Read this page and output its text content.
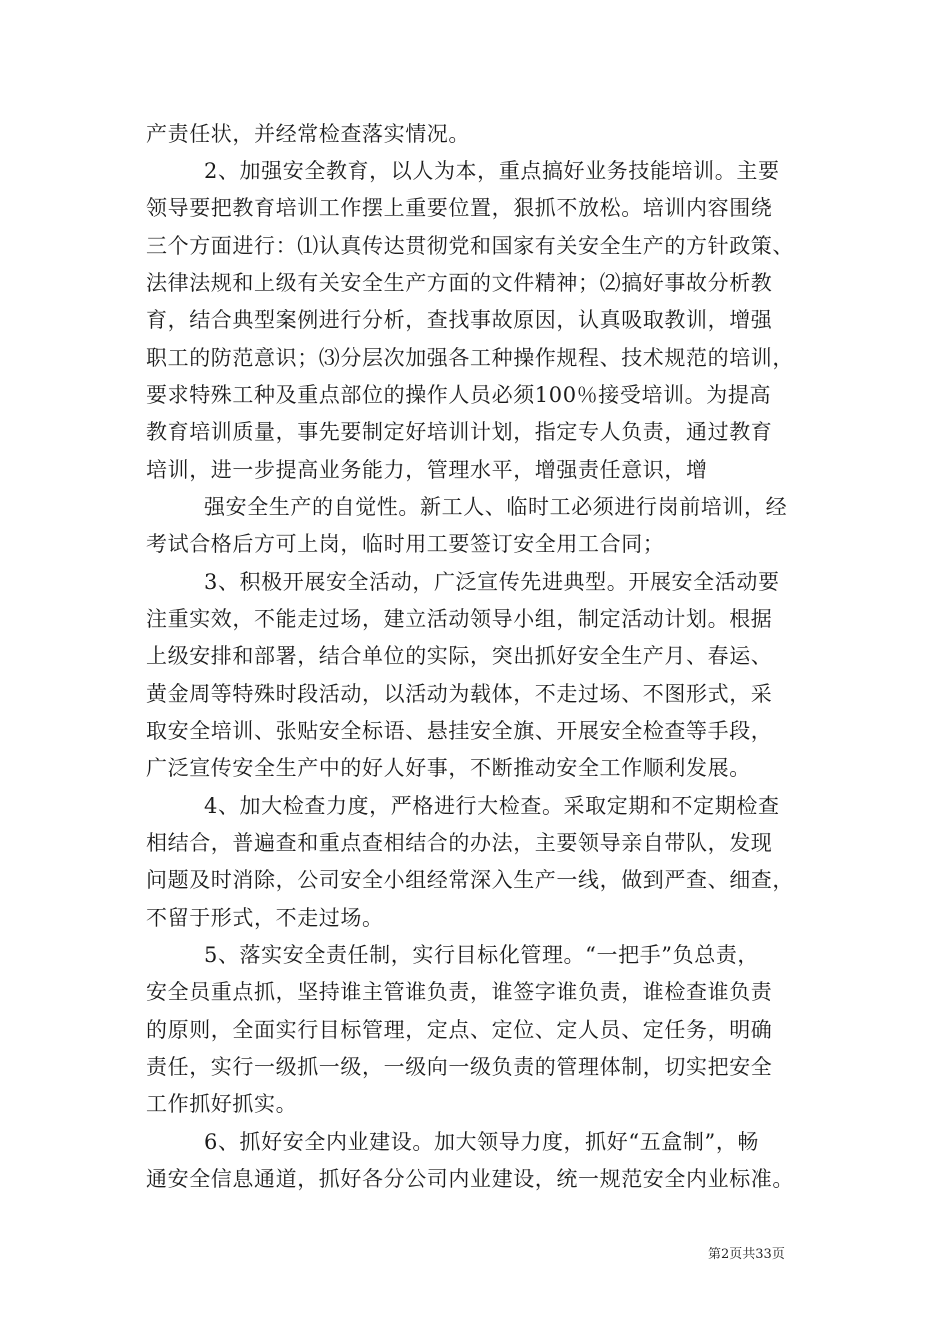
产责任状，并经常检查落实情况。
2、加强安全教育，以人为本，重点搞好业务技能培训。主要
领导要把教育培训工作摆上重要位置，狠抓不放松。培训内容围绕
三个方面进行：⑴认真传达贯彻党和国家有关安全生产的方针政策、
法律法规和上级有关安全生产方面的文件精神；⑵搞好事故分析教
育，结合典型案例进行分析，查找事故原因，认真吸取教训，增强
职工的防范意识；⑶分层次加强各工种操作规程、技术规范的培训，
要求特殊工种及重点部位的操作人员必须100％接受培训。为提高
教育培训质量，事先要制定好培训计划，指定专人负责，通过教育
培训，进一步提高业务能力，管理水平，增强责任意识，增
强安全生产的自觉性。新工人、临时工必须进行岗前培训，经
考试合格后方可上岗，临时用工要签订安全用工合同；
3、积极开展安全活动，广泛宣传先进典型。开展安全活动要
注重实效，不能走过场，建立活动领导小组，制定活动计划。根据
上级安排和部署，结合单位的实际，突出抓好安全生产月、春运、
黄金周等特殊时段活动，以活动为载体，不走过场、不图形式，采
取安全培训、张贴安全标语、悬挂安全旗、开展安全检查等手段，
广泛宣传安全生产中的好人好事，不断推动安全工作顺利发展。
4、加大检查力度，严格进行大检查。采取定期和不定期检查
相结合，普遍查和重点查相结合的办法，主要领导亲自带队，发现
问题及时消除，公司安全小组经常深入生产一线，做到严查、细查，
不留于形式，不走过场。
5、落实安全责任制，实行目标化管理。“一把手”负总责，
安全员重点抓，坚持谁主管谁负责，谁签字谁负责，谁检查谁负责
的原则，全面实行目标管理，定点、定位、定人员、定任务，明确
责任，实行一级抓一级，一级向一级负责的管理体制，切实把安全
工作抓好抓实。
6、抓好安全内业建设。加大领导力度，抓好“五盒制”，畅
通安全信息通道，抓好各分公司内业建设，统一规范安全内业标准。
第2页共33页
